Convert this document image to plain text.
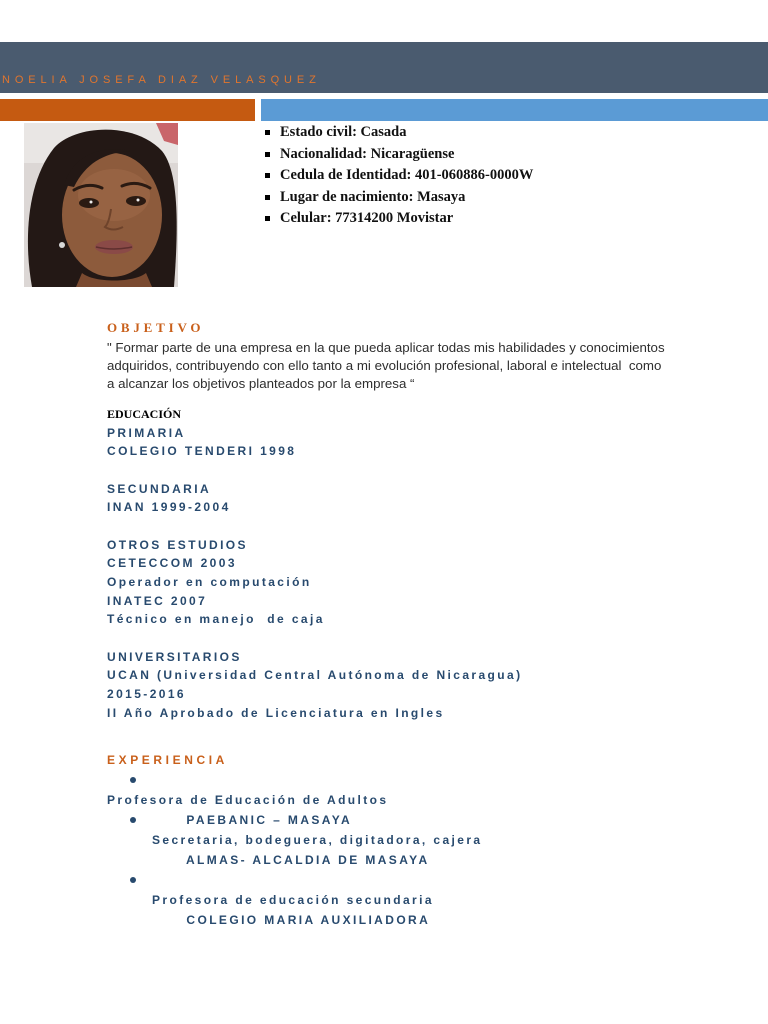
NOELIA JOSEFA DIAZ VELASQUEZ
Estado civil: Casada
Nacionalidad: Nicaragüense
Cedula de Identidad: 401-060886-0000W
Lugar de nacimiento: Masaya
Celular: 77314200 Movistar
OBJETIVO
" Formar parte de una empresa en la que pueda aplicar todas mis habilidades y conocimientos
adquiridos, contribuyendo con ello tanto a mi evolución profesional, laboral e intelectual  como
a alcanzar los objetivos planteados por la empresa “
EDUCACIÓN
PRIMARIA
COLEGIO TENDERI 1998
SECUNDARIA
INAN 1999-2004
OTROS ESTUDIOS
CETECCOM 2003
Operador en computación
INATEC 2007
Técnico en manejo  de caja
UNIVERSITARIOS
UCAN (Universidad Central Autónoma de Nicaragua)
2015-2016
II Año Aprobado de Licenciatura en Ingles
EXPERIENCIA

PAEBANIC – MASAYA

Profesora de Educación de Adultos

ALMAS- ALCALDIA DE MASAYA

Secretaria, bodeguera, digitadora, cajera

COLEGIO MARIA AUXILIADORA

Profesora de educación secundaria
